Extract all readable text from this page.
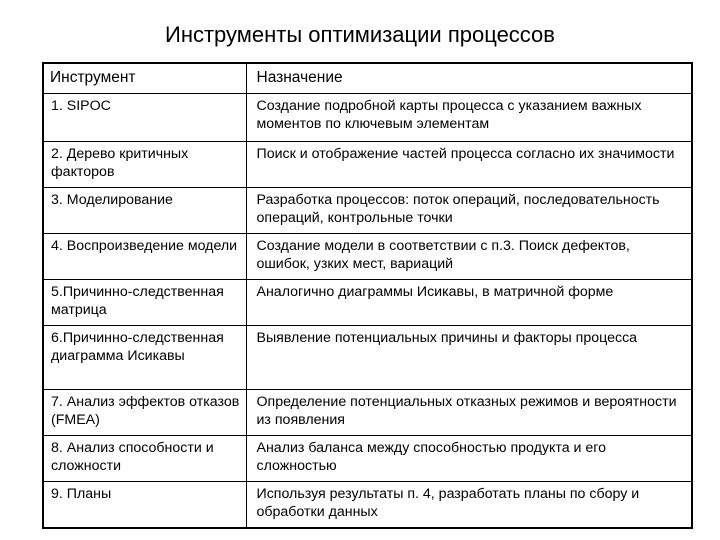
Инструменты оптимизации процессов
Инструмент	Назначение
1. SIPOC	Создание подробной карты процесса с указанием важных моментов по ключевым элементам
2. Дерево критичных факторов	Поиск и отображение частей процесса согласно их значимости
3. Моделирование	Разработка процессов: поток операций, последовательность операций, контрольные точки
4. Воспроизведение модели	Создание модели в соответствии с п.3. Поиск дефектов, ошибок, узких мест, вариаций
5.Причинно-следственная матрица	Аналогично диаграммы Исикавы, в матричной форме
6.Причинно-следственная диаграмма Исикавы	Выявление потенциальных причины и факторы процесса
7. Анализ эффектов отказов (FMEA)	Определение потенциальных отказных режимов и вероятности из появления
8. Анализ способности и сложности	Анализ баланса между способностью продукта и его сложностью
9. Планы	Используя результаты п. 4, разработать планы по сбору и обработки данных
